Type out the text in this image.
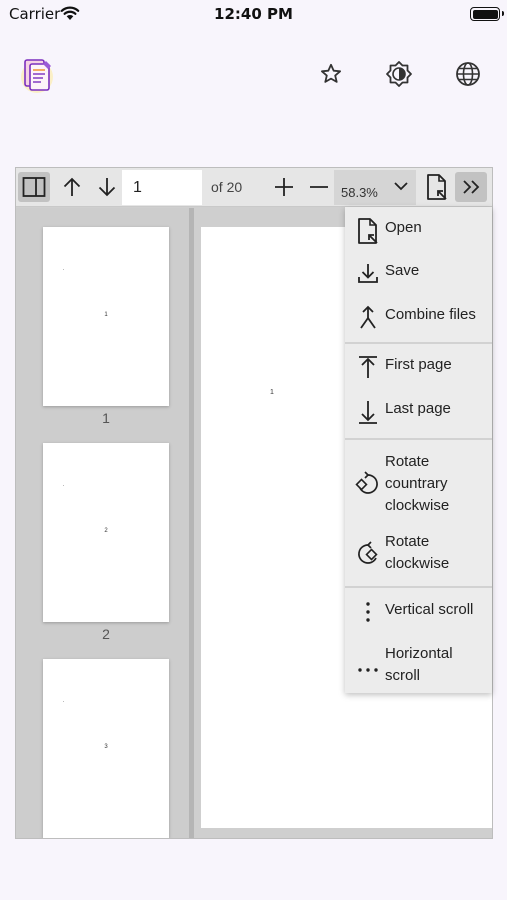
Carrier	12:40 PM
1
of 20	58.3%
1
1
2
2
3
1
Open
Save
Combine files
First page
Last page
Rotate countrary clockwise
Rotate clockwise
Vertical scroll
Horizontal scroll
